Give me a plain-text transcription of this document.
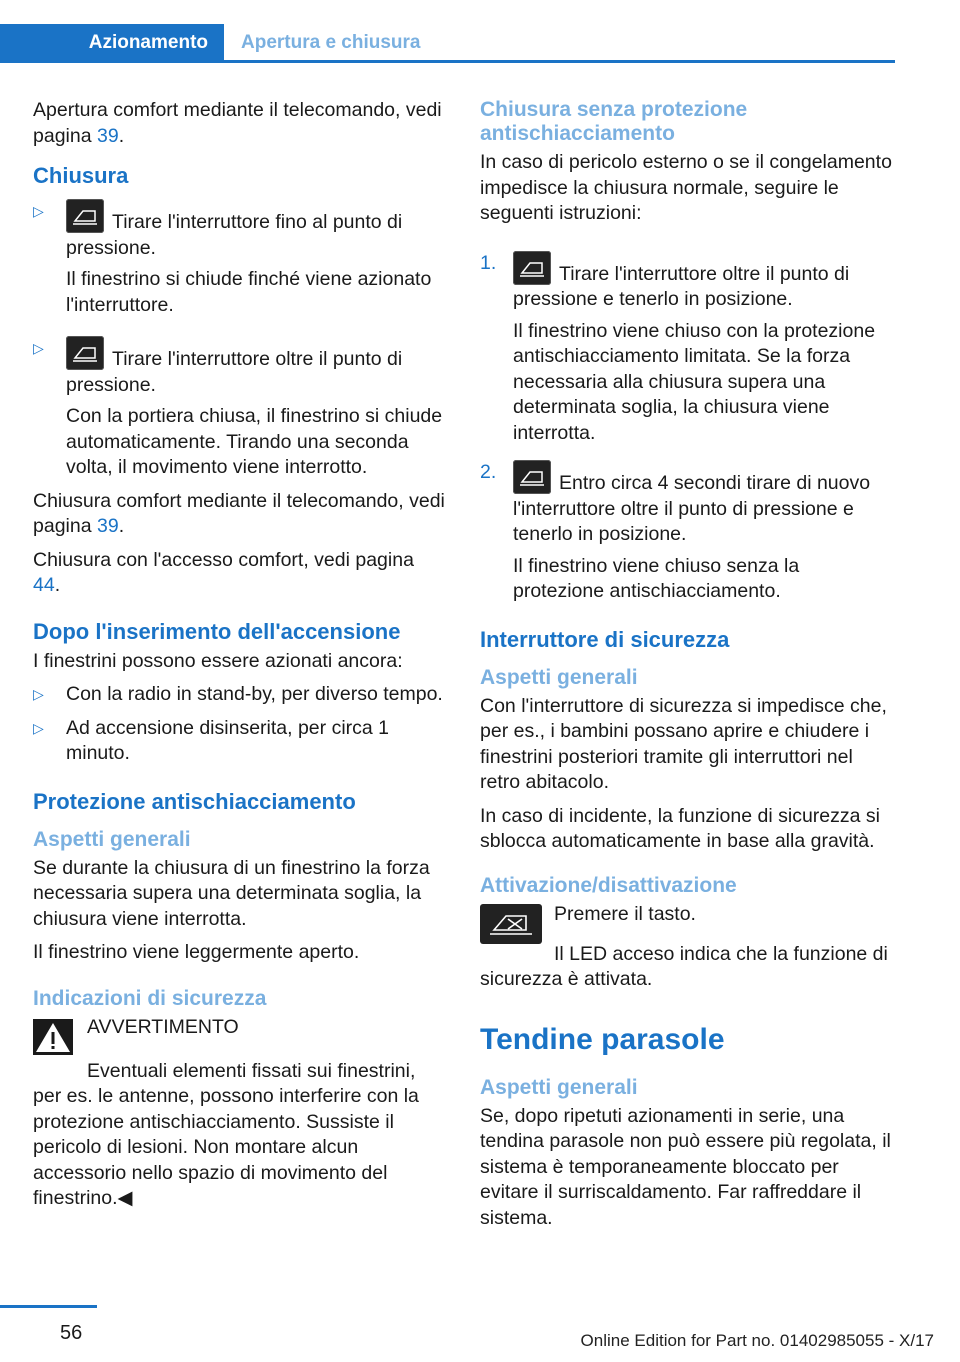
Azionamento	Apertura e chiusura

Apertura comfort mediante il telecomando, vedi pagina 39.

Chiusura
▷	Tirare l'interruttore fino al punto di pressione.
Il finestrino si chiude finché viene azionato l'interruttore.
▷	Tirare l'interruttore oltre il punto di pressione.
Con la portiera chiusa, il finestrino si chiude automaticamente. Tirando una seconda volta, il movimento viene interrotto.

Chiusura comfort mediante il telecomando, vedi pagina 39.

Chiusura con l'accesso comfort, vedi pagina 44.

Dopo l'inserimento dell'accensione

I finestrini possono essere azionati ancora:

▷ Con la radio in stand-by, per diverso tempo.
▷ Ad accensione disinserita, per circa 1 minuto.
Protezione antischiacciamento
Aspetti generali

Se durante la chiusura di un finestrino la forza necessaria supera una determinata soglia, la chiusura viene interrotta.

Il finestrino viene leggermente aperto.

Indicazioni di sicurezza
AVVERTIMENTO

Eventuali elementi fissati sui finestrini, per es. le antenne, possono interferire con la protezione antischiacciamento. Sussiste il pericolo di lesioni. Non montare alcun accessorio nello spazio di movimento del finestrino.◀

Chiusura senza protezione antischiacciamento

In caso di pericolo esterno o se il congelamento impedisce la chiusura normale, seguire le seguenti istruzioni:

1.	Tirare l'interruttore oltre il punto di pressione e tenerlo in posizione.
Il finestrino viene chiuso con la protezione antischiacciamento limitata. Se la forza necessaria alla chiusura supera una determinata soglia, la chiusura viene interrotta.
2.	Entro circa 4 secondi tirare di nuovo l'interruttore oltre il punto di pressione e tenerlo in posizione.
Il finestrino viene chiuso senza la protezione antischiacciamento.
Interruttore di sicurezza
Aspetti generali

Con l'interruttore di sicurezza si impedisce che, per es., i bambini possano aprire e chiudere i finestrini posteriori tramite gli interruttori nel retro abitacolo.

In caso di incidente, la funzione di sicurezza si sblocca automaticamente in base alla gravità.

Attivazione/disattivazione

Premere il tasto.

Il LED acceso indica che la funzione di sicurezza è attivata.

Tendine parasole
Aspetti generali

Se, dopo ripetuti azionamenti in serie, una tendina parasole non può essere più regolata, il sistema è temporaneamente bloccato per evitare il surriscaldamento. Far raffreddare il sistema.

56	Online Edition for Part no. 01402985055 - X/17
